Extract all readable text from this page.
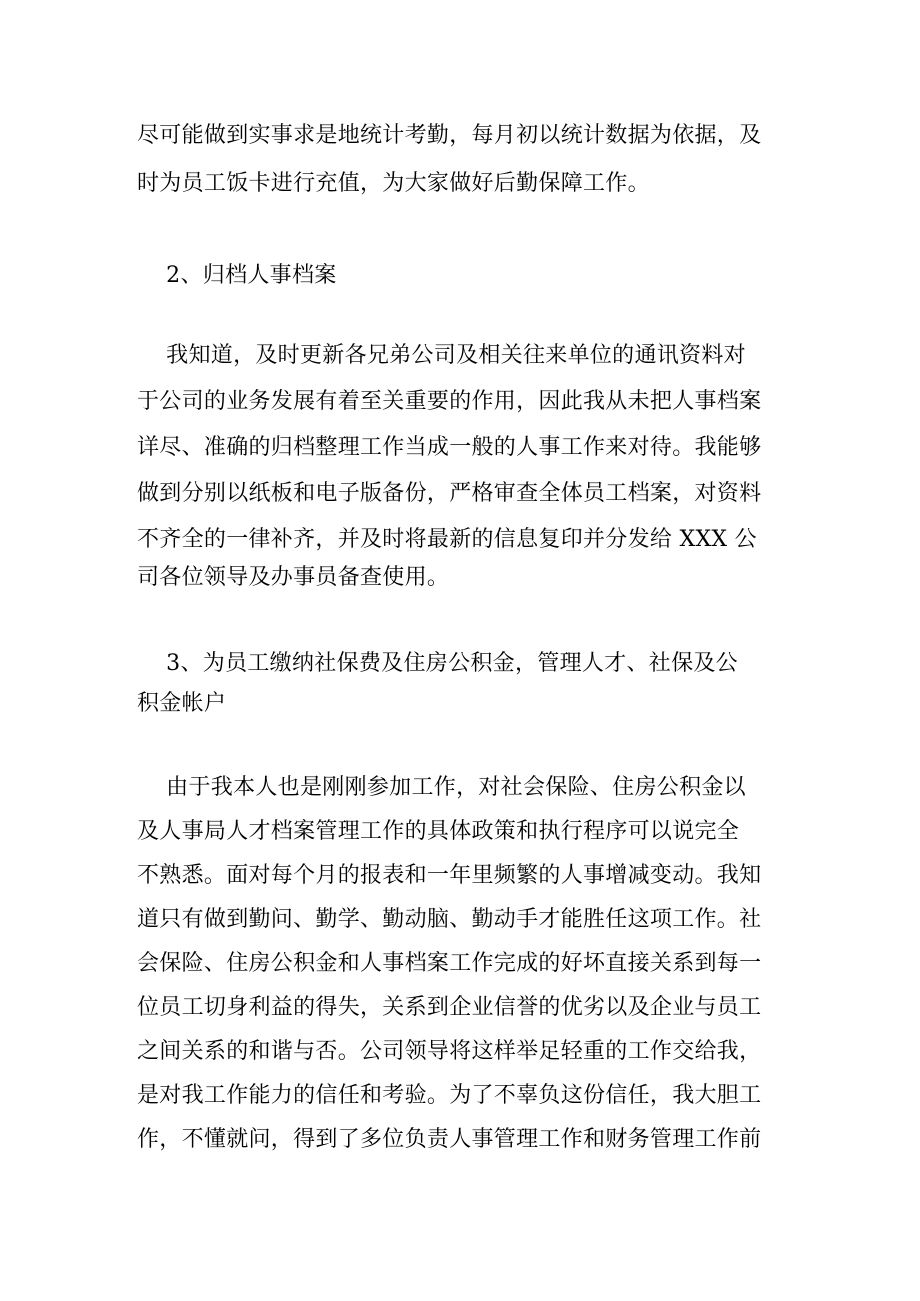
尽可能做到实事求是地统计考勤，每月初以统计数据为依据，及
时为员工饭卡进行充值，为大家做好后勤保障工作。
2、归档人事档案
我知道，及时更新各兄弟公司及相关往来单位的通讯资料对
于公司的业务发展有着至关重要的作用，因此我从未把人事档案
详尽、准确的归档整理工作当成一般的人事工作来对待。我能够
做到分别以纸板和电子版备份，严格审查全体员工档案，对资料
不齐全的一律补齐，并及时将最新的信息复印并分发给 XXX 公
司各位领导及办事员备查使用。
3、为员工缴纳社保费及住房公积金，管理人才、社保及公
积金帐户
由于我本人也是刚刚参加工作，对社会保险、住房公积金以
及人事局人才档案管理工作的具体政策和执行程序可以说完全
不熟悉。面对每个月的报表和一年里频繁的人事增减变动。我知
道只有做到勤问、勤学、勤动脑、勤动手才能胜任这项工作。社
会保险、住房公积金和人事档案工作完成的好坏直接关系到每一
位员工切身利益的得失，关系到企业信誉的优劣以及企业与员工
之间关系的和谐与否。公司领导将这样举足轻重的工作交给我，
是对我工作能力的信任和考验。为了不辜负这份信任，我大胆工
作，不懂就问，得到了多位负责人事管理工作和财务管理工作前
